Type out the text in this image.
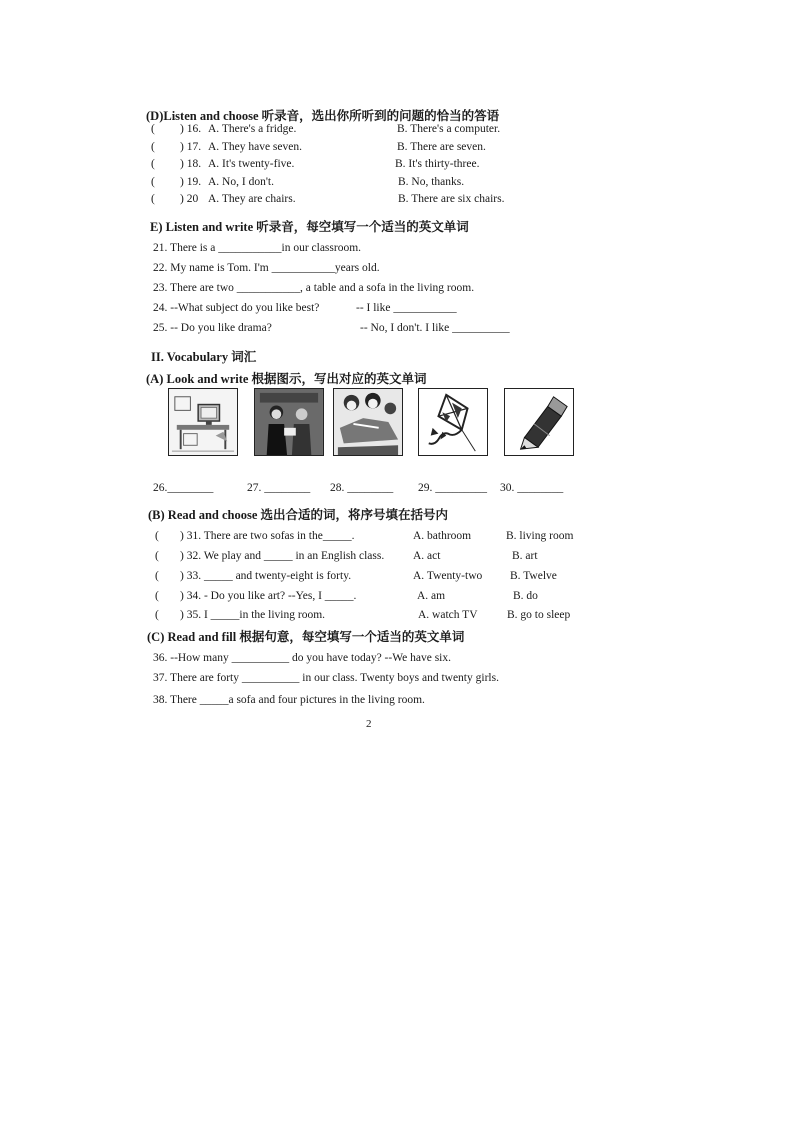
(D)Listen and choose 听录音，选出你所听到的问题的恰当的答语
( ) 16. A. There's a fridge.	B. There's a computer.
( ) 17. A. They have seven.	B. There are seven.
( ) 18. A. It's twenty-five.	B. It's thirty-three.
( ) 19. A. No, I don't.	B. No, thanks.
( ) 20 A. They are chairs.	B. There are six chairs.
E) Listen and write 听录音，每空填写一个适当的英文单词
21. There is a ___________in our classroom.
22. My name is Tom. I'm ___________years old.
23. There are two ___________, a table and a sofa in the living room.
24. --What subject do you like best?	-- I like ___________
25. -- Do you like drama?	-- No, I don't. I like __________
II. Vocabulary 词汇
(A) Look and write 根据图示，写出对应的英文单词
26.________	27. ________ 28. ________ 29. _________ 30. ________
(B) Read and choose 选出合适的词，将序号填在括号内
( ) 31. There are two sofas in the_____.	A. bathroom	B. living room
( ) 32. We play and _____ in an English class.	A. act	B. art
( ) 33. _____ and twenty-eight is forty.	A. Twenty-two B. Twelve
( ) 34. - Do you like art? --Yes, I _____.	A. am	B. do
( ) 35. I _____in the living room.	A. watch TV	B. go to sleep
(C) Read and fill 根据句意，每空填写一个适当的英文单词
36. --How many __________ do you have today? --We have six.
37. There are forty __________ in our class. Twenty boys and twenty girls.
38. There _____a sofa and four pictures in the living room.
2
